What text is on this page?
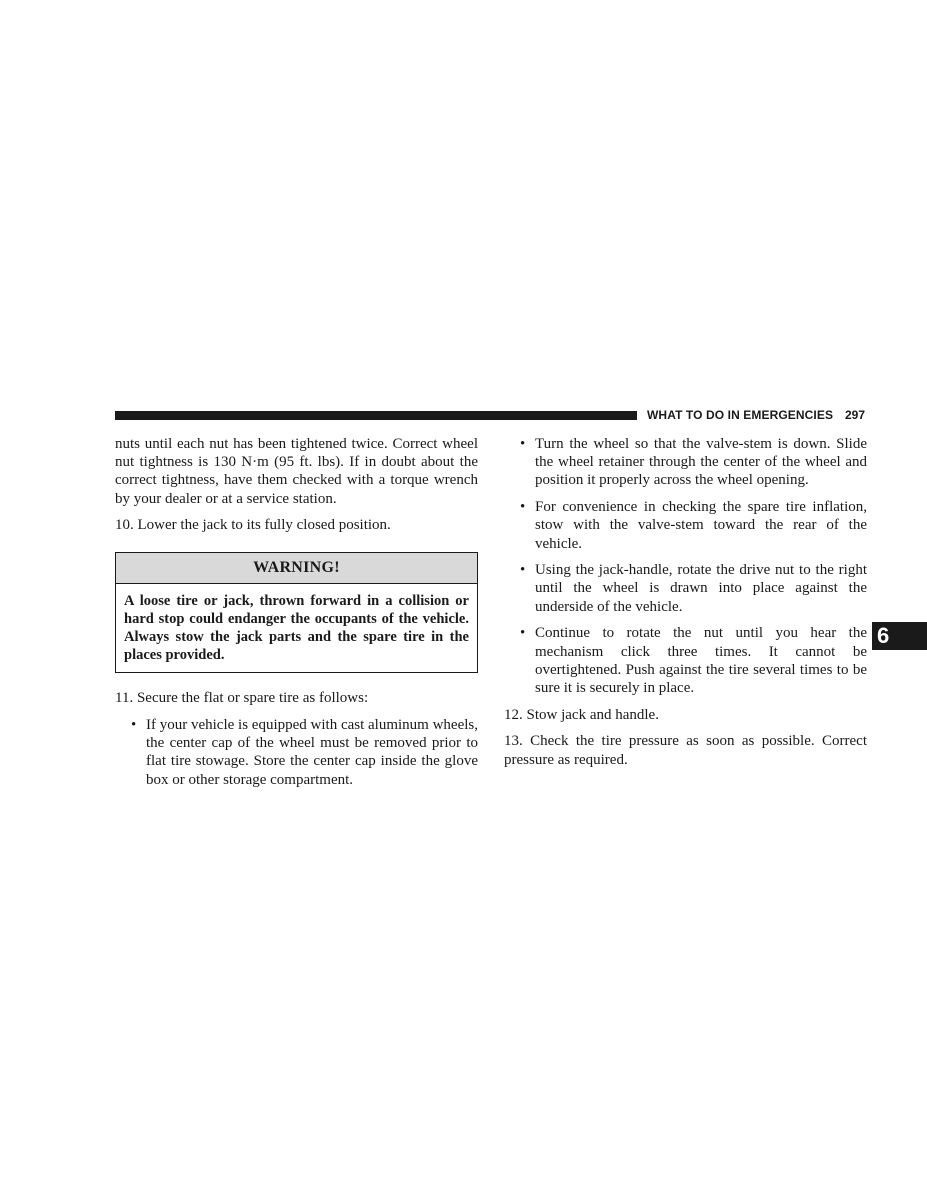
WHAT TO DO IN EMERGENCIES 297
6

nuts until each nut has been tightened twice. Correct wheel nut tightness is 130 N·m (95 ft. lbs). If in doubt about the correct tightness, have them checked with a torque wrench by your dealer or at a service station.

10. Lower the jack to its fully closed position.

WARNING!
A loose tire or jack, thrown forward in a collision or hard stop could endanger the occupants of the vehicle. Always stow the jack parts and the spare tire in the places provided.

11. Secure the flat or spare tire as follows:

• If your vehicle is equipped with cast aluminum wheels, the center cap of the wheel must be removed prior to flat tire stowage. Store the center cap inside the glove box or other storage compartment.
• Turn the wheel so that the valve-stem is down. Slide the wheel retainer through the center of the wheel and position it properly across the wheel opening.
• For convenience in checking the spare tire inflation, stow with the valve-stem toward the rear of the vehicle.
• Using the jack-handle, rotate the drive nut to the right until the wheel is drawn into place against the underside of the vehicle.
• Continue to rotate the nut until you hear the mechanism click three times. It cannot be overtightened. Push against the tire several times to be sure it is securely in place.

12. Stow jack and handle.

13. Check the tire pressure as soon as possible. Correct pressure as required.
